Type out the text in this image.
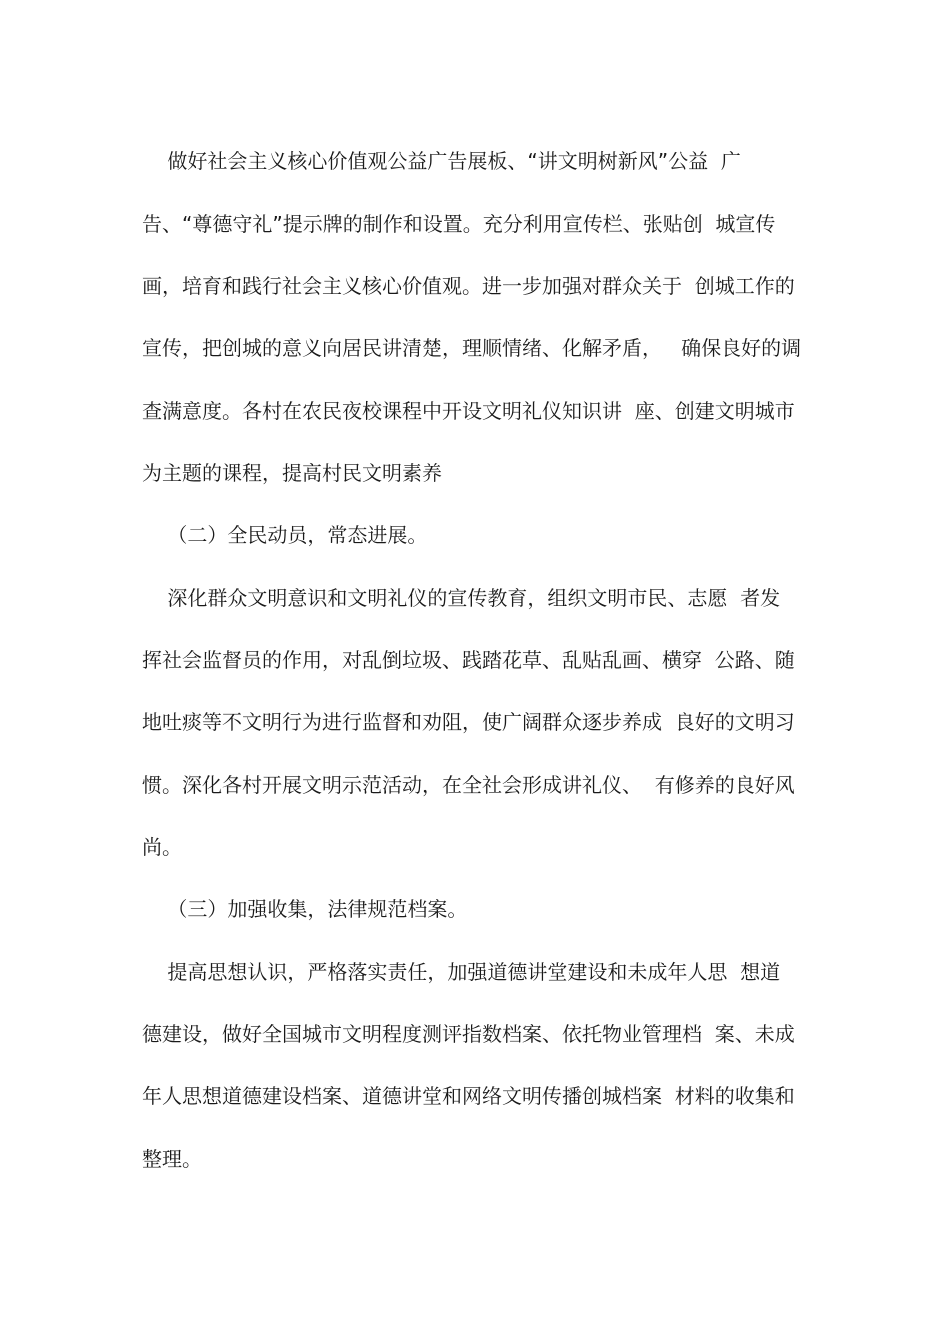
做好社会主义核心价值观公益广告展板、“讲文明树新风”公益  广
告、“尊德守礼”提示牌的制作和设置。充分利用宣传栏、张贴创  城宣传
画，培育和践行社会主义核心价值观。进一步加强对群众关于  创城工作的
宣传，把创城的意义向居民讲清楚，理顺情绪、化解矛盾，   确保良好的调
查满意度。各村在农民夜校课程中开设文明礼仪知识讲  座、创建文明城市
为主题的课程，提高村民文明素养
（二）全民动员，常态进展。
深化群众文明意识和文明礼仪的宣传教育，组织文明市民、志愿  者发
挥社会监督员的作用，对乱倒垃圾、践踏花草、乱贴乱画、横穿  公路、随
地吐痰等不文明行为进行监督和劝阻，使广阔群众逐步养成  良好的文明习
惯。深化各村开展文明示范活动，在全社会形成讲礼仪、  有修养的良好风
尚。
（三）加强收集，法律规范档案。
提高思想认识，严格落实责任，加强道德讲堂建设和未成年人思  想道
德建设，做好全国城市文明程度测评指数档案、依托物业管理档  案、未成
年人思想道德建设档案、道德讲堂和网络文明传播创城档案  材料的收集和
整理。
